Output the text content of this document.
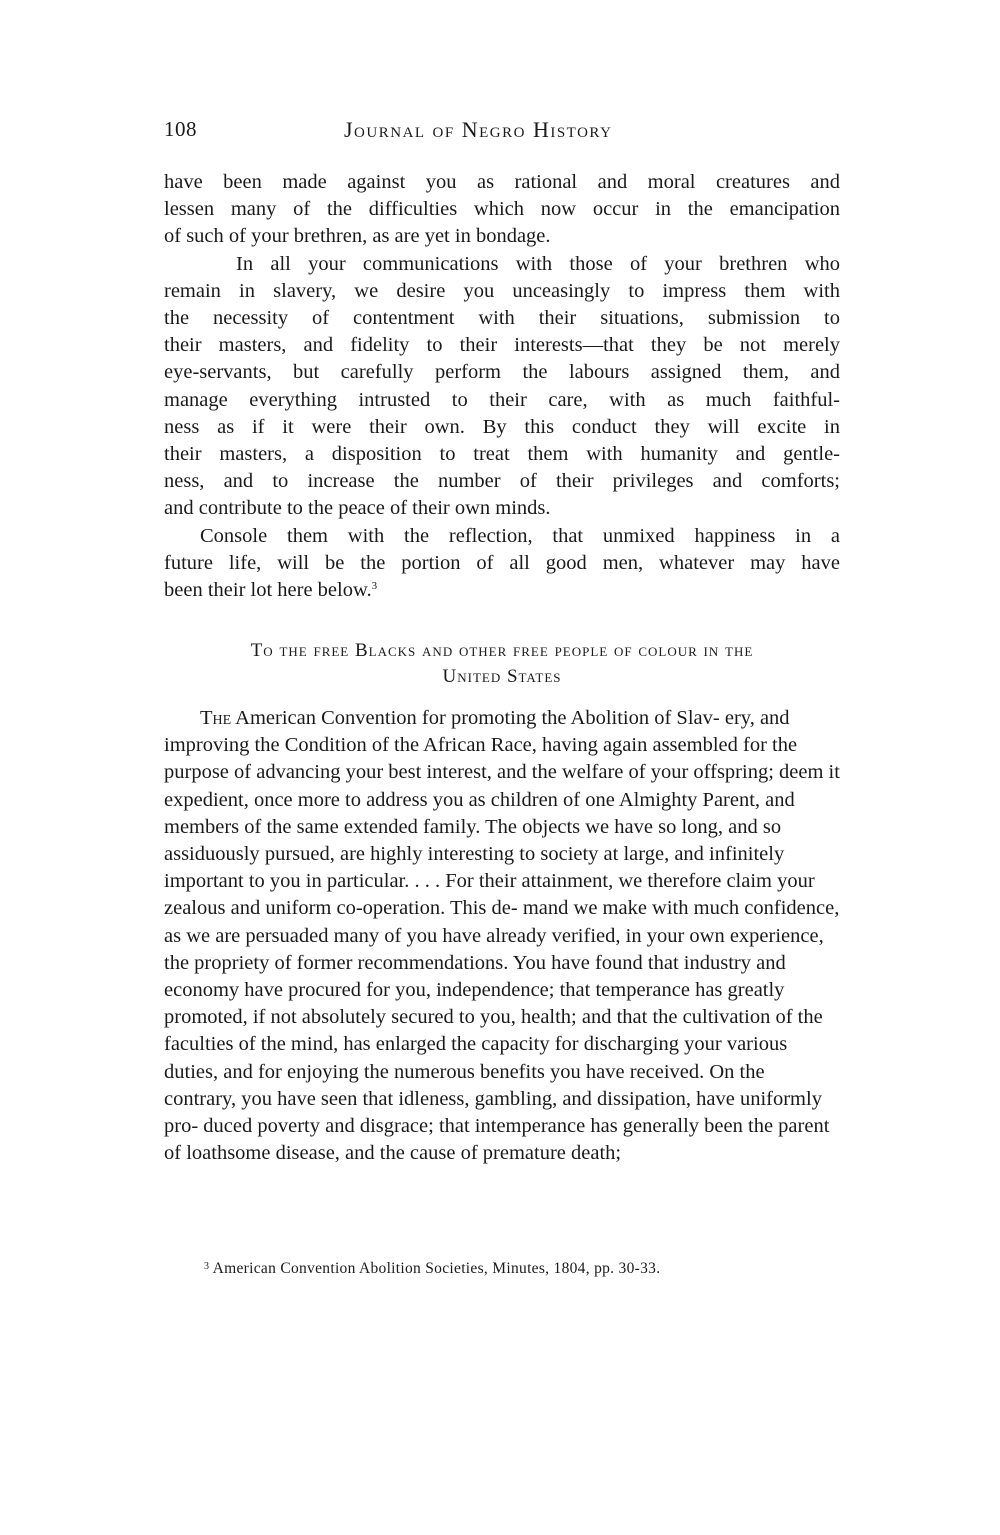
108	Journal of Negro History
have been made against you as rational and moral creatures and
lessen many of the difficulties which now occur in the emancipation
of such of your brethren, as are yet in bondage.
In all your communications with those of your brethren who
remain in slavery, we desire you unceasingly to impress them with
the necessity of contentment with their situations, submission to
their masters, and fidelity to their interests—that they be not merely
eye-servants, but carefully perform the labours assigned them, and
manage everything intrusted to their care, with as much faithful-
ness as if it were their own. By this conduct they will excite in
their masters, a disposition to treat them with humanity and gentle-
ness, and to increase the number of their privileges and comforts;
and contribute to the peace of their own minds.
Console them with the reflection, that unmixed happiness in a
future life, will be the portion of all good men, whatever may have
been their lot here below.$^3$
To the free Blacks and other free people of colour in the
United States
The American Convention for promoting the Abolition of Slav- ery, and improving the Condition of the African Race, having again assembled for the purpose of advancing your best interest, and the welfare of your offspring; deem it expedient, once more to address you as children of one Almighty Parent, and members of the same extended family. The objects we have so long, and so assiduously pursued, are highly interesting to society at large, and infinitely important to you in particular. . . . For their attainment, we therefore claim your zealous and uniform co-operation. This de- mand we make with much confidence, as we are persuaded many of you have already verified, in your own experience, the propriety of former recommendations. You have found that industry and economy have procured for you, independence; that temperance has greatly promoted, if not absolutely secured to you, health; and that the cultivation of the faculties of the mind, has enlarged the capacity for discharging your various duties, and for enjoying the numerous benefits you have received. On the contrary, you have seen that idleness, gambling, and dissipation, have uniformly pro- duced poverty and disgrace; that intemperance has generally been the parent of loathsome disease, and the cause of premature death;
$^3$ American Convention Abolition Societies, Minutes, 1804, pp. 30-33.
